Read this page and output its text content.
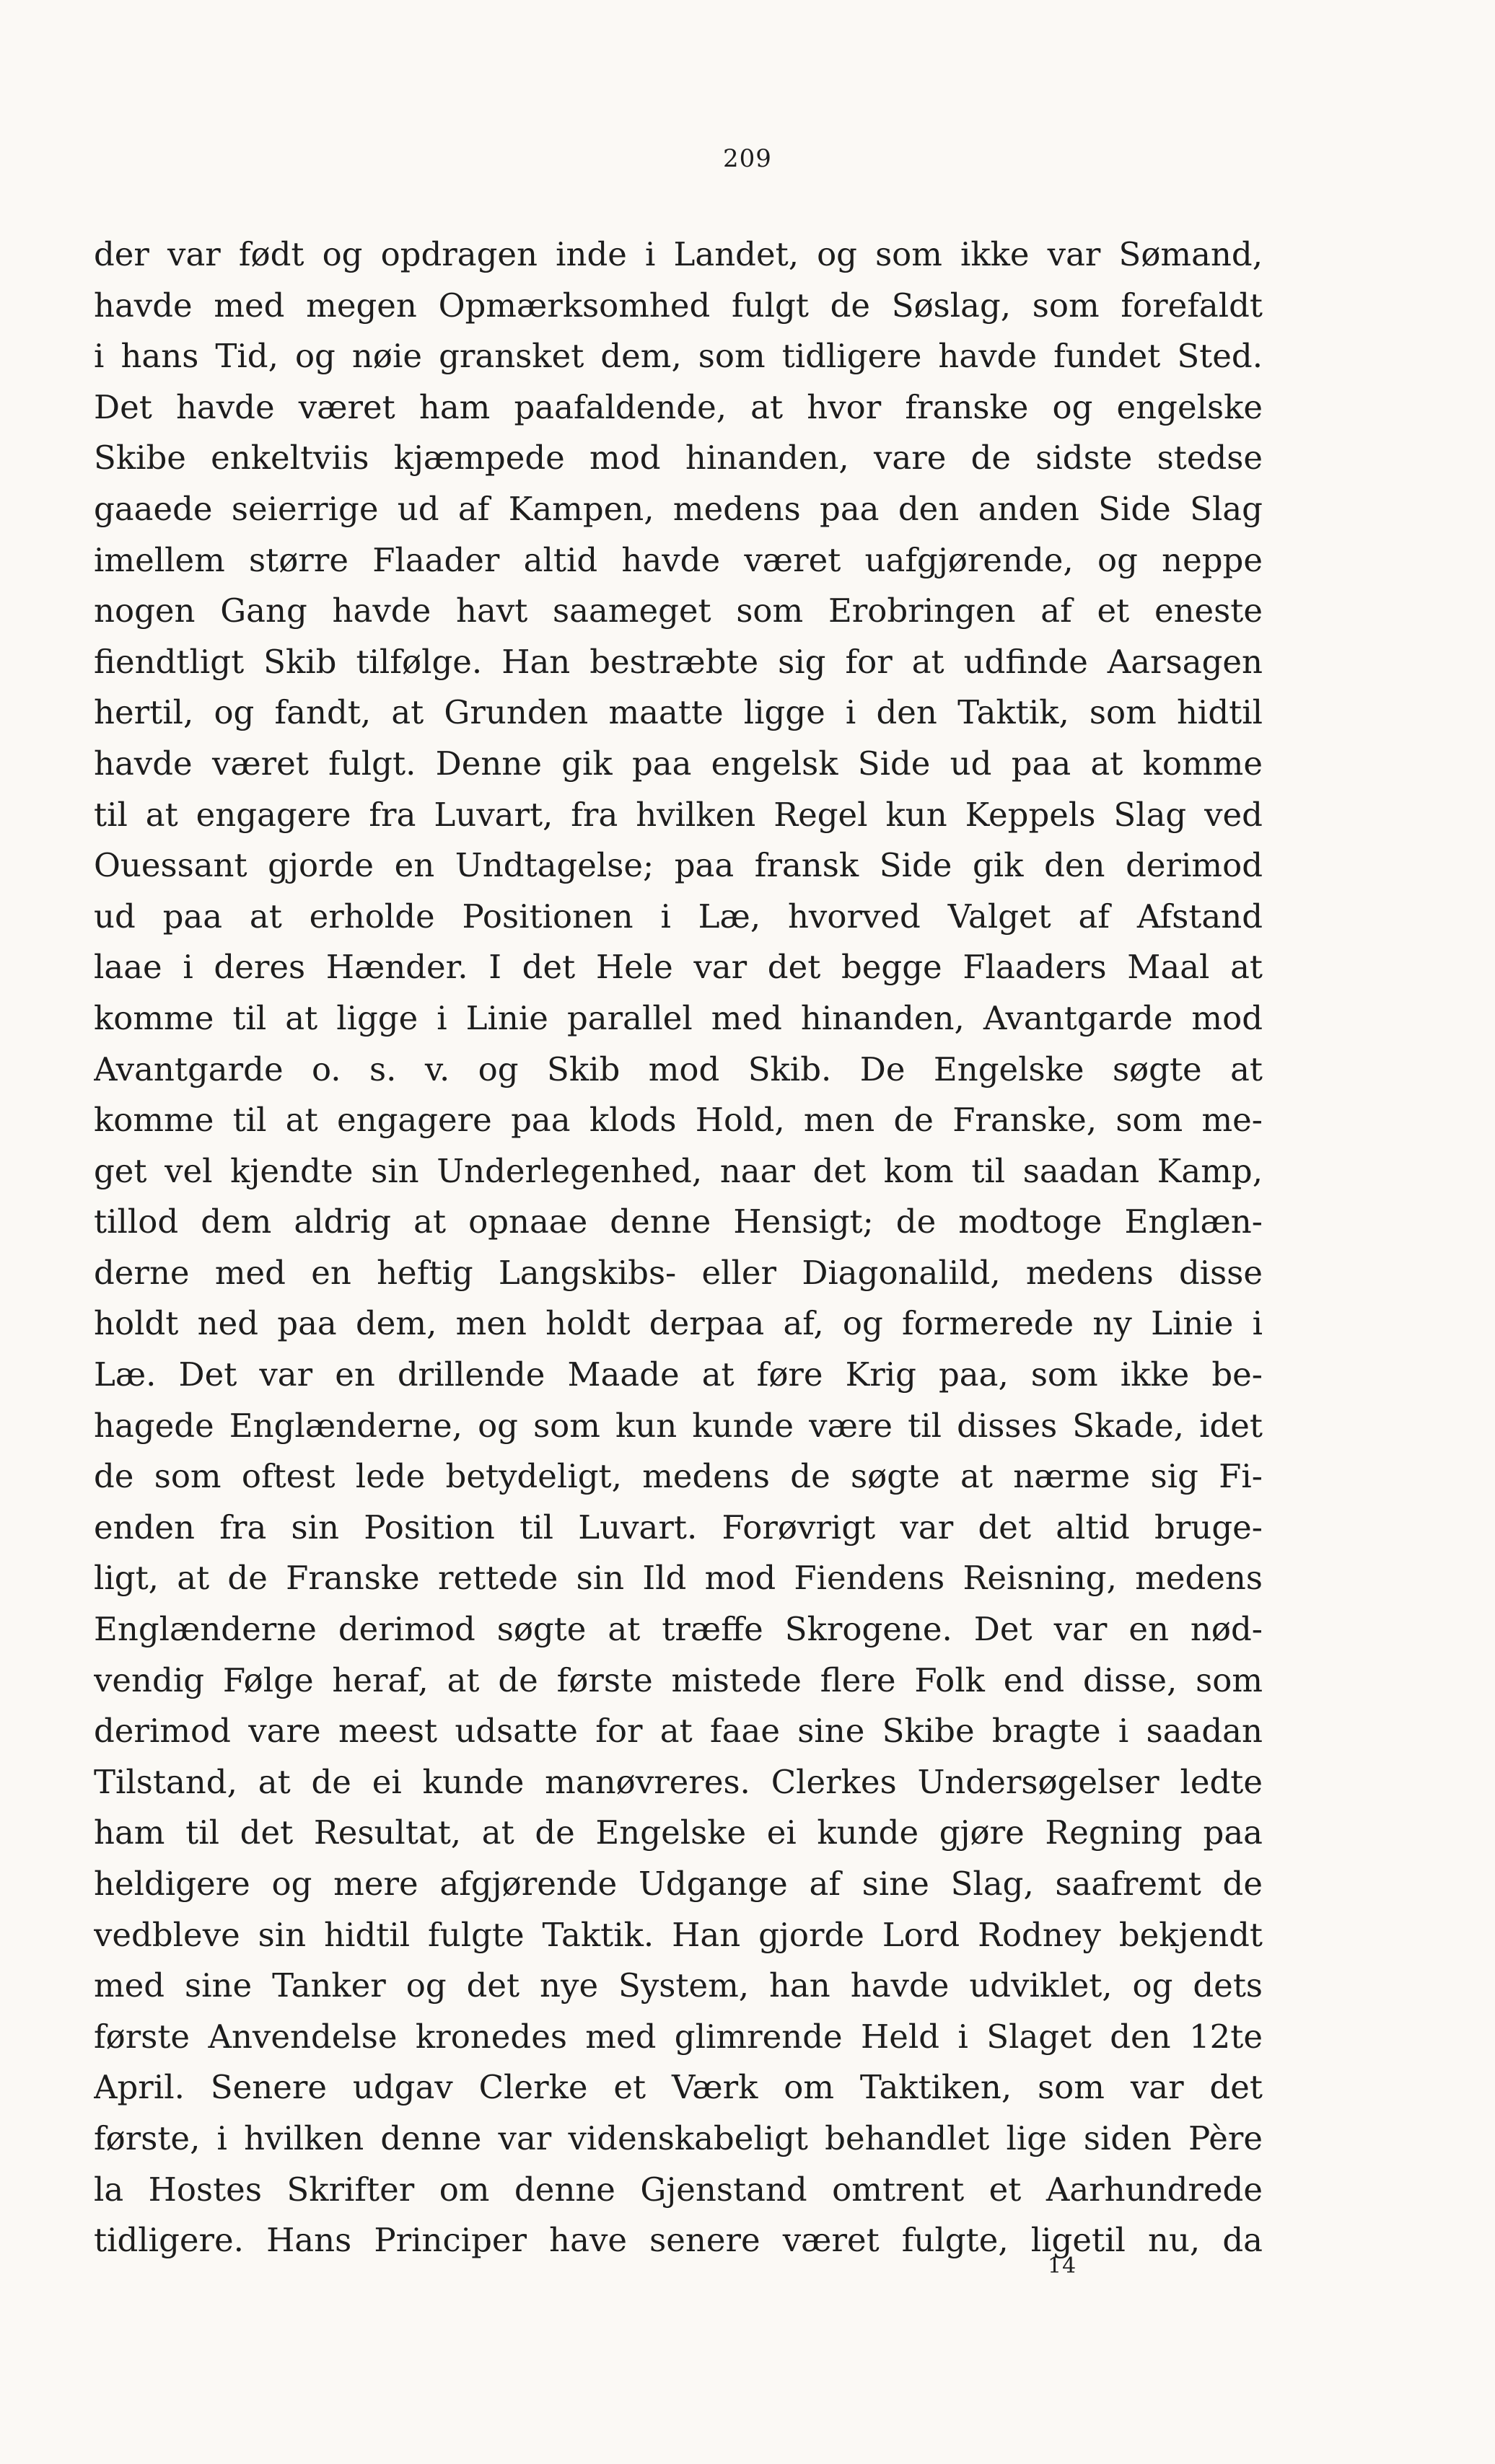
209
der var født og opdragen inde i Landet, og som ikke var Sømand,
havde med megen Opmærksomhed fulgt de Søslag, som forefaldt
i hans Tid, og nøie gransket dem, som tidligere havde fundet Sted.
Det havde været ham paafaldende, at hvor franske og engelske
Skibe enkeltviis kjæmpede mod hinanden, vare de sidste stedse
gaaede seierrige ud af Kampen, medens paa den anden Side Slag
imellem større Flaader altid havde været uafgjørende, og neppe
nogen Gang havde havt saameget som Erobringen af et eneste
fiendtligt Skib tilfølge. Han bestræbte sig for at udfinde Aarsagen
hertil, og fandt, at Grunden maatte ligge i den Taktik, som hidtil
havde været fulgt. Denne gik paa engelsk Side ud paa at komme
til at engagere fra Luvart, fra hvilken Regel kun Keppels Slag ved
Ouessant gjorde en Undtagelse; paa fransk Side gik den derimod
ud paa at erholde Positionen i Læ, hvorved Valget af Afstand
laae i deres Hænder. I det Hele var det begge Flaaders Maal at
komme til at ligge i Linie parallel med hinanden, Avantgarde mod
Avantgarde o. s. v. og Skib mod Skib. De Engelske søgte at
komme til at engagere paa klods Hold, men de Franske, som me-
get vel kjendte sin Underlegenhed, naar det kom til saadan Kamp,
tillod dem aldrig at opnaae denne Hensigt; de modtoge Englæn-
derne med en heftig Langskibs- eller Diagonalild, medens disse
holdt ned paa dem, men holdt derpaa af, og formerede ny Linie i
Læ. Det var en drillende Maade at føre Krig paa, som ikke be-
hagede Englænderne, og som kun kunde være til disses Skade, idet
de som oftest lede betydeligt, medens de søgte at nærme sig Fi-
enden fra sin Position til Luvart. Forøvrigt var det altid bruge-
ligt, at de Franske rettede sin Ild mod Fiendens Reisning, medens
Englænderne derimod søgte at træffe Skrogene. Det var en nød-
vendig Følge heraf, at de første mistede flere Folk end disse, som
derimod vare meest udsatte for at faae sine Skibe bragte i saadan
Tilstand, at de ei kunde manøvreres. Clerkes Undersøgelser ledte
ham til det Resultat, at de Engelske ei kunde gjøre Regning paa
heldigere og mere afgjørende Udgange af sine Slag, saafremt de
vedbleve sin hidtil fulgte Taktik. Han gjorde Lord Rodney bekjendt
med sine Tanker og det nye System, han havde udviklet, og dets
første Anvendelse kronedes med glimrende Held i Slaget den 12te
April. Senere udgav Clerke et Værk om Taktiken, som var det
første, i hvilken denne var videnskabeligt behandlet lige siden Père
la Hostes Skrifter om denne Gjenstand omtrent et Aarhundrede
tidligere. Hans Principer have senere været fulgte, ligetil nu, da
14
